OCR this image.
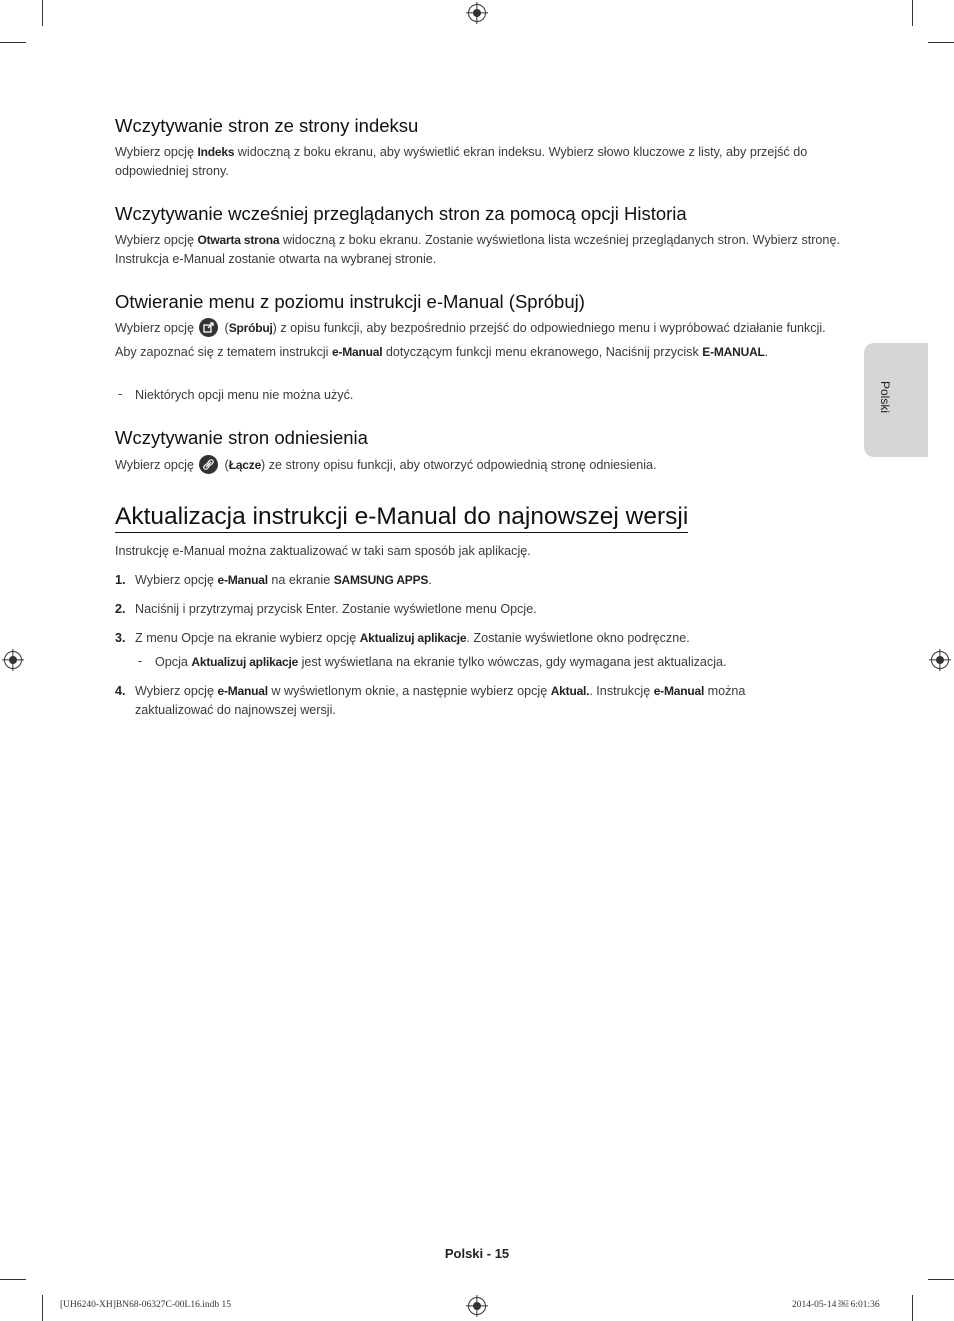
Wczytywanie stron ze strony indeksu
Wybierz opcję Indeks widoczną z boku ekranu, aby wyświetlić ekran indeksu. Wybierz słowo kluczowe z listy, aby przejść do odpowiedniej strony.
Wczytywanie wcześniej przeglądanych stron za pomocą opcji Historia
Wybierz opcję Otwarta strona widoczną z boku ekranu. Zostanie wyświetlona lista wcześniej przeglądanych stron. Wybierz stronę. Instrukcja e-Manual zostanie otwarta na wybranej stronie.
Otwieranie menu z poziomu instrukcji e-Manual (Spróbuj)
Wybierz opcję
(Spróbuj) z opisu funkcji, aby bezpośrednio przejść do odpowiedniego menu i wypróbować działanie funkcji.
Aby zapoznać się z tematem instrukcji e-Manual dotyczącym funkcji menu ekranowego, Naciśnij przycisk E-MANUAL.
- Niektórych opcji menu nie można użyć.
Wczytywanie stron odniesienia
Wybierz opcję
(Łącze) ze strony opisu funkcji, aby otworzyć odpowiednią stronę odniesienia.
Aktualizacja instrukcji e-Manual do najnowszej wersji
Instrukcję e-Manual można zaktualizować w taki sam sposób jak aplikację.
1. Wybierz opcję e-Manual na ekranie SAMSUNG APPS.
2. Naciśnij i przytrzymaj przycisk Enter. Zostanie wyświetlone menu Opcje.
3. Z menu Opcje na ekranie wybierz opcję Aktualizuj aplikacje. Zostanie wyświetlone okno podręczne.
- Opcja Aktualizuj aplikacje jest wyświetlana na ekranie tylko wówczas, gdy wymagana jest aktualizacja.
4. Wybierz opcję e-Manual w wyświetlonym oknie, a następnie wybierz opcję Aktual.. Instrukcję e-Manual można zaktualizować do najnowszej wersji.
Polski
Polski - 15
[UH6240-XH]BN68-06327C-00L16.indb 15	2014-05-14 ￼ 6:01:36
